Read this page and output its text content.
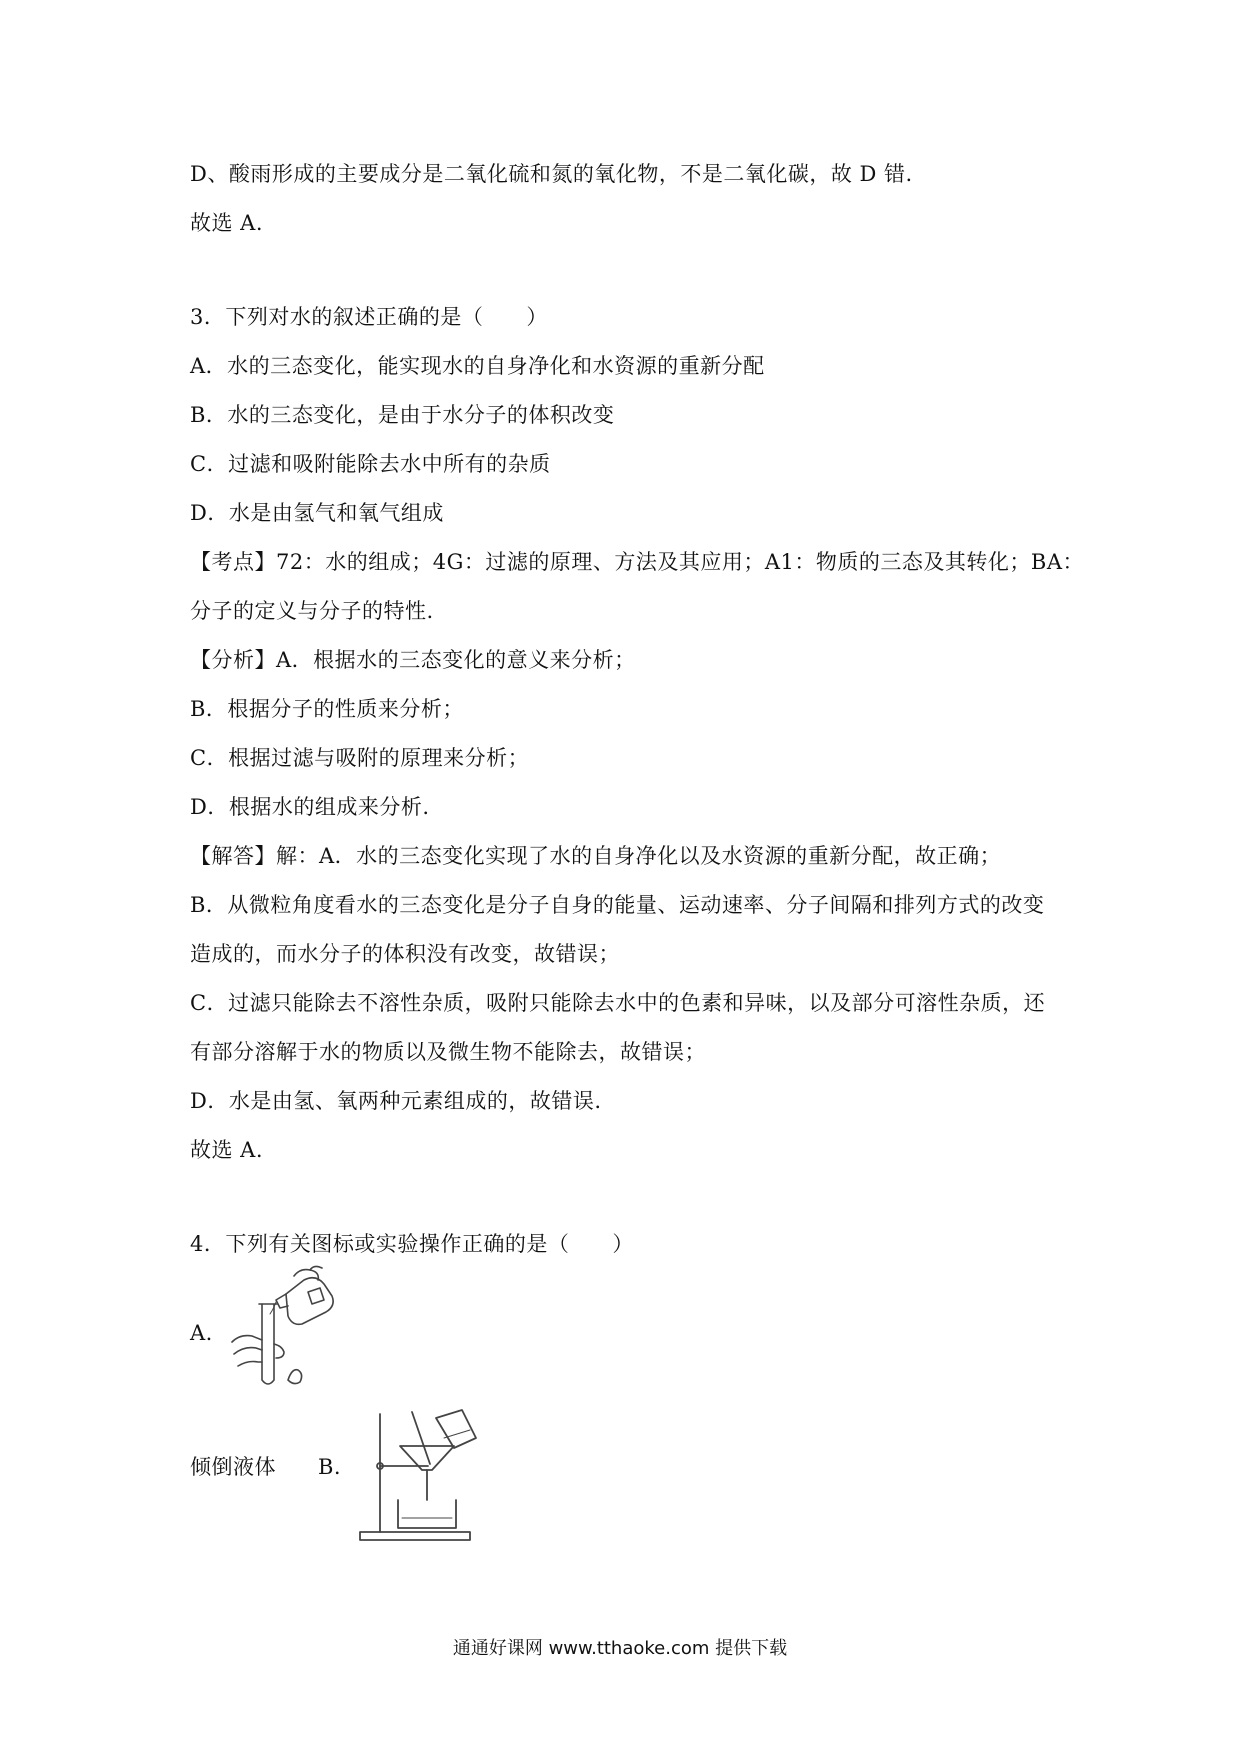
D、酸雨形成的主要成分是二氧化硫和氮的氧化物，不是二氧化碳，故 D 错.
故选 A.
3．下列对水的叙述正确的是（　　）
A．水的三态变化，能实现水的自身净化和水资源的重新分配
B．水的三态变化，是由于水分子的体积改变
C．过滤和吸附能除去水中所有的杂质
D．水是由氢气和氧气组成
【考点】72：水的组成；4G：过滤的原理、方法及其应用；A1：物质的三态及其转化；BA：
分子的定义与分子的特性.
【分析】A．根据水的三态变化的意义来分析；
B．根据分子的性质来分析；
C．根据过滤与吸附的原理来分析；
D．根据水的组成来分析.
【解答】解：A．水的三态变化实现了水的自身净化以及水资源的重新分配，故正确；
B．从微粒角度看水的三态变化是分子自身的能量、运动速率、分子间隔和排列方式的改变
造成的，而水分子的体积没有改变，故错误；
C．过滤只能除去不溶性杂质，吸附只能除去水中的色素和异味，以及部分可溶性杂质，还
有部分溶解于水的物质以及微生物不能除去，故错误；
D．水是由氢、氧两种元素组成的，故错误.
故选 A.
4．下列有关图标或实验操作正确的是（　　）
A.
倾倒液体 B.
通通好课网 www.tthaoke.com 提供下载
